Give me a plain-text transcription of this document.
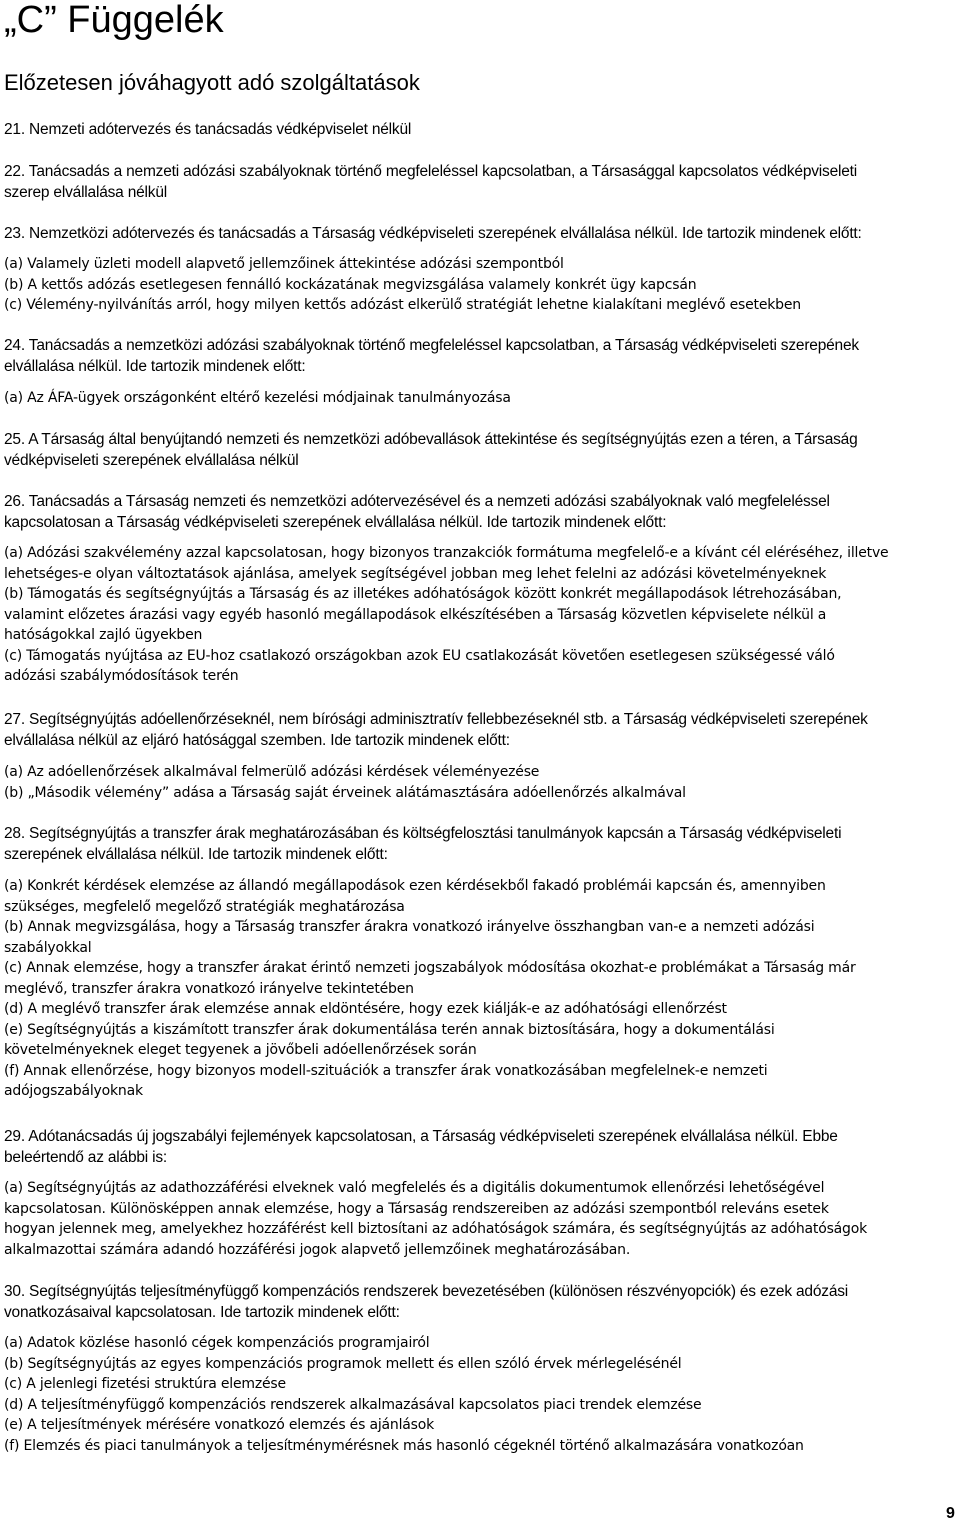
„C” Függelék
Előzetesen jóváhagyott adó szolgáltatások

21. Nemzeti adótervezés és tanácsadás védképviselet nélkül

22. Tanácsadás a nemzeti adózási szabályoknak történő megfeleléssel kapcsolatban, a Társasággal kapcsolatos védképviseleti

szerep elvállalása nélkül

23. Nemzetközi adótervezés és tanácsadás a Társaság védképviseleti szerepének elvállalása nélkül. Ide tartozik mindenek előtt:

(a) Valamely üzleti modell alapvető jellemzőinek áttekintése adózási szempontból

(b) A kettős adózás esetlegesen fennálló kockázatának megvizsgálása valamely konkrét ügy kapcsán

(c) Vélemény-nyilvánítás arról, hogy milyen kettős adózást elkerülő stratégiát lehetne kialakítani meglévő esetekben

24. Tanácsadás a nemzetközi adózási szabályoknak történő megfeleléssel kapcsolatban, a Társaság védképviseleti szerepének

elvállalása nélkül. Ide tartozik mindenek előtt:

(a) Az ÁFA-ügyek országonként eltérő kezelési módjainak tanulmányozása

25. A Társaság által benyújtandó nemzeti és nemzetközi adóbevallások áttekintése és segítségnyújtás ezen a téren, a Társaság

védképviseleti szerepének elvállalása nélkül

26. Tanácsadás a Társaság nemzeti és nemzetközi adótervezésével és a nemzeti adózási szabályoknak való megfeleléssel

kapcsolatosan a Társaság védképviseleti szerepének elvállalása nélkül. Ide tartozik mindenek előtt:

(a) Adózási szakvélemény azzal kapcsolatosan, hogy bizonyos tranzakciók formátuma megfelelő-e a kívánt cél eléréséhez, illetve

lehetséges-e olyan változtatások ajánlása, amelyek segítségével jobban meg lehet felelni az adózási követelményeknek

(b) Támogatás és segítségnyújtás a Társaság és az illetékes adóhatóságok között konkrét megállapodások létrehozásában,

valamint előzetes árazási vagy egyéb hasonló megállapodások elkészítésében a Társaság közvetlen képviselete nélkül a

hatóságokkal zajló ügyekben

(c) Támogatás nyújtása az EU-hoz csatlakozó országokban azok EU csatlakozását követően esetlegesen szükségessé váló

adózási szabálymódosítások terén

27. Segítségnyújtás adóellenőrzéseknél, nem bírósági adminisztratív fellebbezéseknél stb. a Társaság védképviseleti szerepének

elvállalása nélkül az eljáró hatósággal szemben. Ide tartozik mindenek előtt:

(a) Az adóellenőrzések alkalmával felmerülő adózási kérdések véleményezése

(b) „Második vélemény” adása a Társaság saját érveinek alátámasztására adóellenőrzés alkalmával

28. Segítségnyújtás a transzfer árak meghatározásában és költségfelosztási tanulmányok kapcsán a Társaság védképviseleti

szerepének elvállalása nélkül. Ide tartozik mindenek előtt:

(a) Konkrét kérdések elemzése az állandó megállapodások ezen kérdésekből fakadó problémái kapcsán és, amennyiben

szükséges, megfelelő megelőző stratégiák meghatározása

(b) Annak megvizsgálása, hogy a Társaság transzfer árakra vonatkozó irányelve összhangban van-e a nemzeti adózási

szabályokkal

(c) Annak elemzése, hogy a transzfer árakat érintő nemzeti jogszabályok módosítása okozhat-e problémákat a Társaság már

meglévő, transzfer árakra vonatkozó irányelve tekintetében

(d) A meglévő transzfer árak elemzése annak eldöntésére, hogy ezek kiálják-e az adóhatósági ellenőrzést

(e) Segítségnyújtás a kiszámított transzfer árak dokumentálása terén annak biztosítására, hogy a dokumentálási

követelményeknek eleget tegyenek a jövőbeli adóellenőrzések során

(f) Annak ellenőrzése, hogy bizonyos modell-szituációk a transzfer árak vonatkozásában megfelelnek-e nemzeti

adójogszabályoknak

29. Adótanácsadás új jogszabályi fejlemények kapcsolatosan, a Társaság védképviseleti szerepének elvállalása nélkül. Ebbe

beleértendő az alábbi is:

(a) Segítségnyújtás az adathozzáférési elveknek való megfelelés és a digitális dokumentumok ellenőrzési lehetőségével

kapcsolatosan. Különösképpen annak elemzése, hogy a Társaság rendszereiben az adózási szempontból releváns esetek

hogyan jelennek meg, amelyekhez hozzáférést kell biztosítani az adóhatóságok számára, és segítségnyújtás az adóhatóságok

alkalmazottai számára adandó hozzáférési jogok alapvető jellemzőinek meghatározásában.

30. Segítségnyújtás teljesítményfüggő kompenzációs rendszerek bevezetésében (különösen részvényopciók) és ezek adózási

vonatkozásaival kapcsolatosan. Ide tartozik mindenek előtt:

(a) Adatok közlése hasonló cégek kompenzációs programjairól

(b) Segítségnyújtás az egyes kompenzációs programok mellett és ellen szóló érvek mérlegelésénél

(c) A jelenlegi fizetési struktúra elemzése

(d) A teljesítményfüggő kompenzációs rendszerek alkalmazásával kapcsolatos piaci trendek elemzése

(e) A teljesítmények mérésére vonatkozó elemzés és ajánlások

(f) Elemzés és piaci tanulmányok a teljesítménymérésnek más hasonló cégeknél történő alkalmazására vonatkozóan

9
